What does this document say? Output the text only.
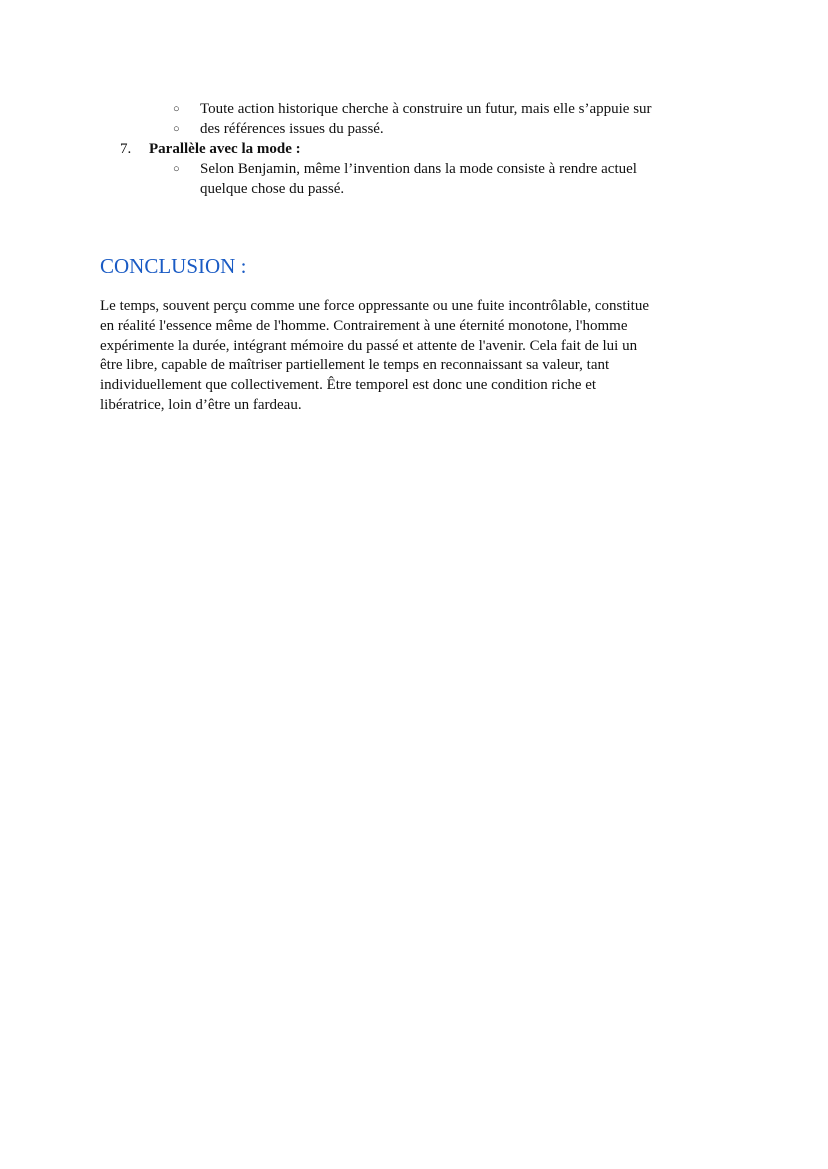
○ Toute action historique cherche à construire un futur, mais elle s’appuie sur
○ des références issues du passé.
7. Parallèle avec la mode :
○ Selon Benjamin, même l’invention dans la mode consiste à rendre actuel
quelque chose du passé.
CONCLUSION :
Le temps, souvent perçu comme une force oppressante ou une fuite incontrôlable, constitue
en réalité l'essence même de l'homme. Contrairement à une éternité monotone, l'homme
expérimente la durée, intégrant mémoire du passé et attente de l'avenir. Cela fait de lui un
être libre, capable de maîtriser partiellement le temps en reconnaissant sa valeur, tant
individuellement que collectivement. Être temporel est donc une condition riche et
libératrice, loin d’être un fardeau.
